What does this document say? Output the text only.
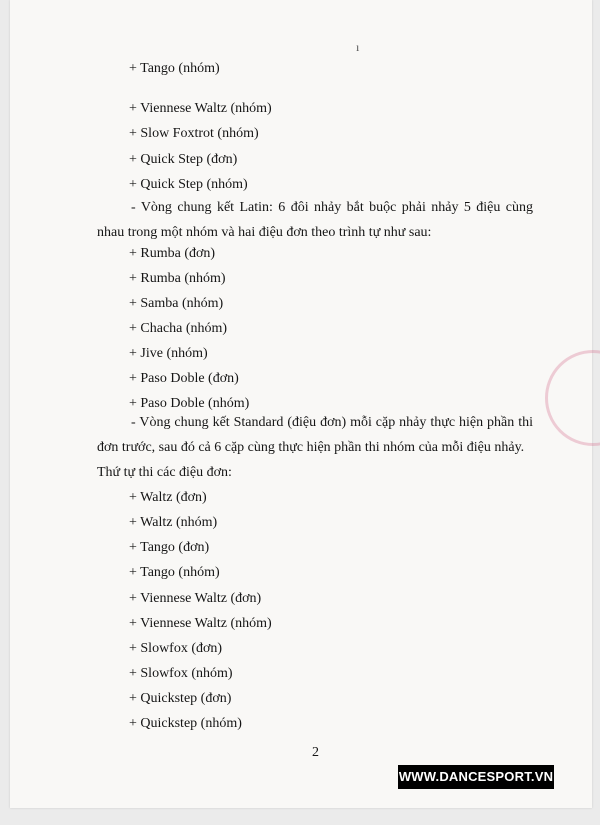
ı
+ Tango (nhóm)
+ Viennese Waltz (nhóm)
+ Slow Foxtrot (nhóm)
+ Quick Step (đơn)
+ Quick Step (nhóm)
- Vòng chung kết Latin: 6 đôi nhảy bắt buộc phải nhảy 5 điệu cùng nhau trong một nhóm và hai điệu đơn theo trình tự như sau:
+ Rumba (đơn)
+ Rumba (nhóm)
+ Samba (nhóm)
+ Chacha (nhóm)
+ Jive (nhóm)
+ Paso Doble (đơn)
+ Paso Doble (nhóm)
- Vòng chung kết Standard (điệu đơn) mỗi cặp nhảy thực hiện phần thi đơn trước, sau đó cả 6 cặp cùng thực hiện phần thi nhóm của mỗi điệu nhảy.
Thứ tự thi các điệu đơn:
+ Waltz (đơn)
+ Waltz (nhóm)
+ Tango (đơn)
+ Tango (nhóm)
+ Viennese Waltz (đơn)
+ Viennese Waltz (nhóm)
+ Slowfox (đơn)
+ Slowfox (nhóm)
+ Quickstep (đơn)
+ Quickstep (nhóm)
2
WWW.DANCESPORT.VN
